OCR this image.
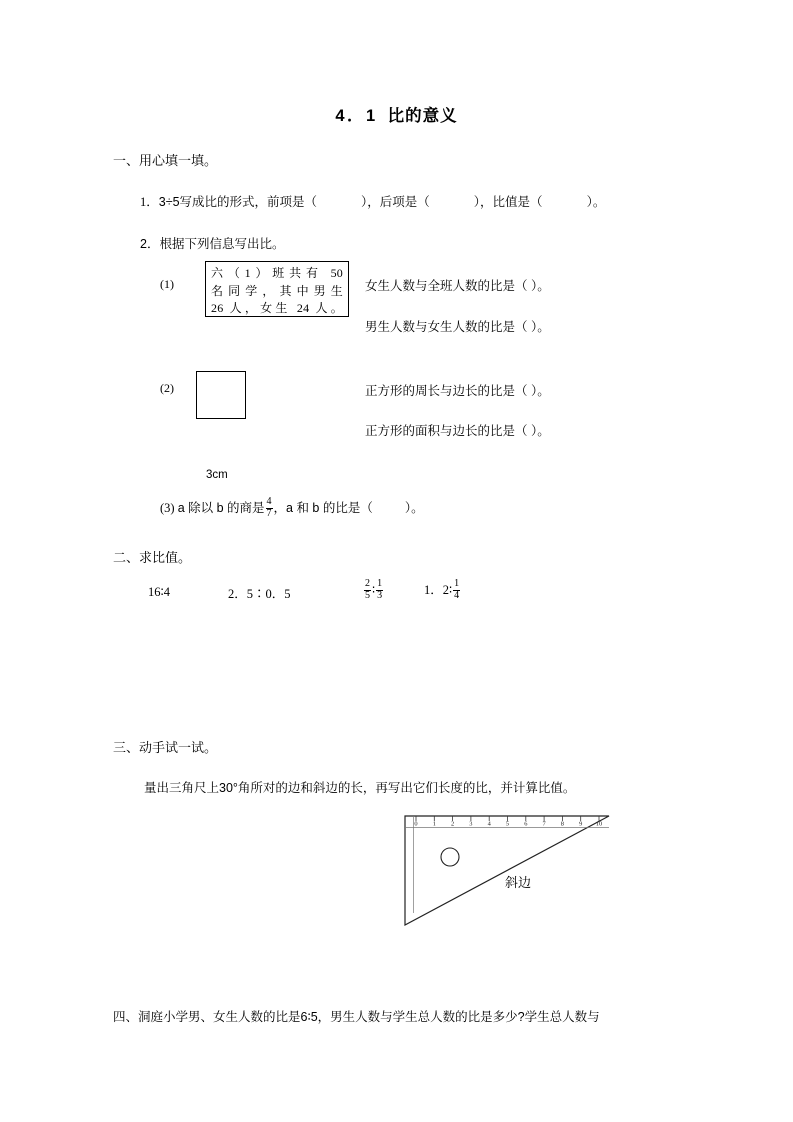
4．1 比的意义
一、用心填一填。
1．3÷5写成比的形式，前项是（	），后项是（	），比值是（	）。
2．根据下列信息写出比。
(1)
六（1）班共有 50
名同学，其中男生
26 人，女生 24 人。
女生人数与全班人数的比是（ ）。
男生人数与女生人数的比是（ ）。
(2)	正方形的周长与边长的比是（ ）。
正方形的面积与边长的比是（ ）。
3cm
(3) a 除以 b 的商是 $\frac{4}{7}$ ，a 和 b 的比是（	）。
二、求比值。
16∶4	2．5∶0．5	$\frac{2}{5}$ ∶ $\frac{1}{3}$	1．2∶ $\frac{1}{4}$
三、动手试一试。
量出三角尺上30°角所对的边和斜边的长，再写出它们长度的比，并计算比值。
0 1 2 3 4 5 6 7 8 9 10
斜边
四、洞庭小学男、女生人数的比是6∶5，男生人数与学生总人数的比是多少?学生总人数与
